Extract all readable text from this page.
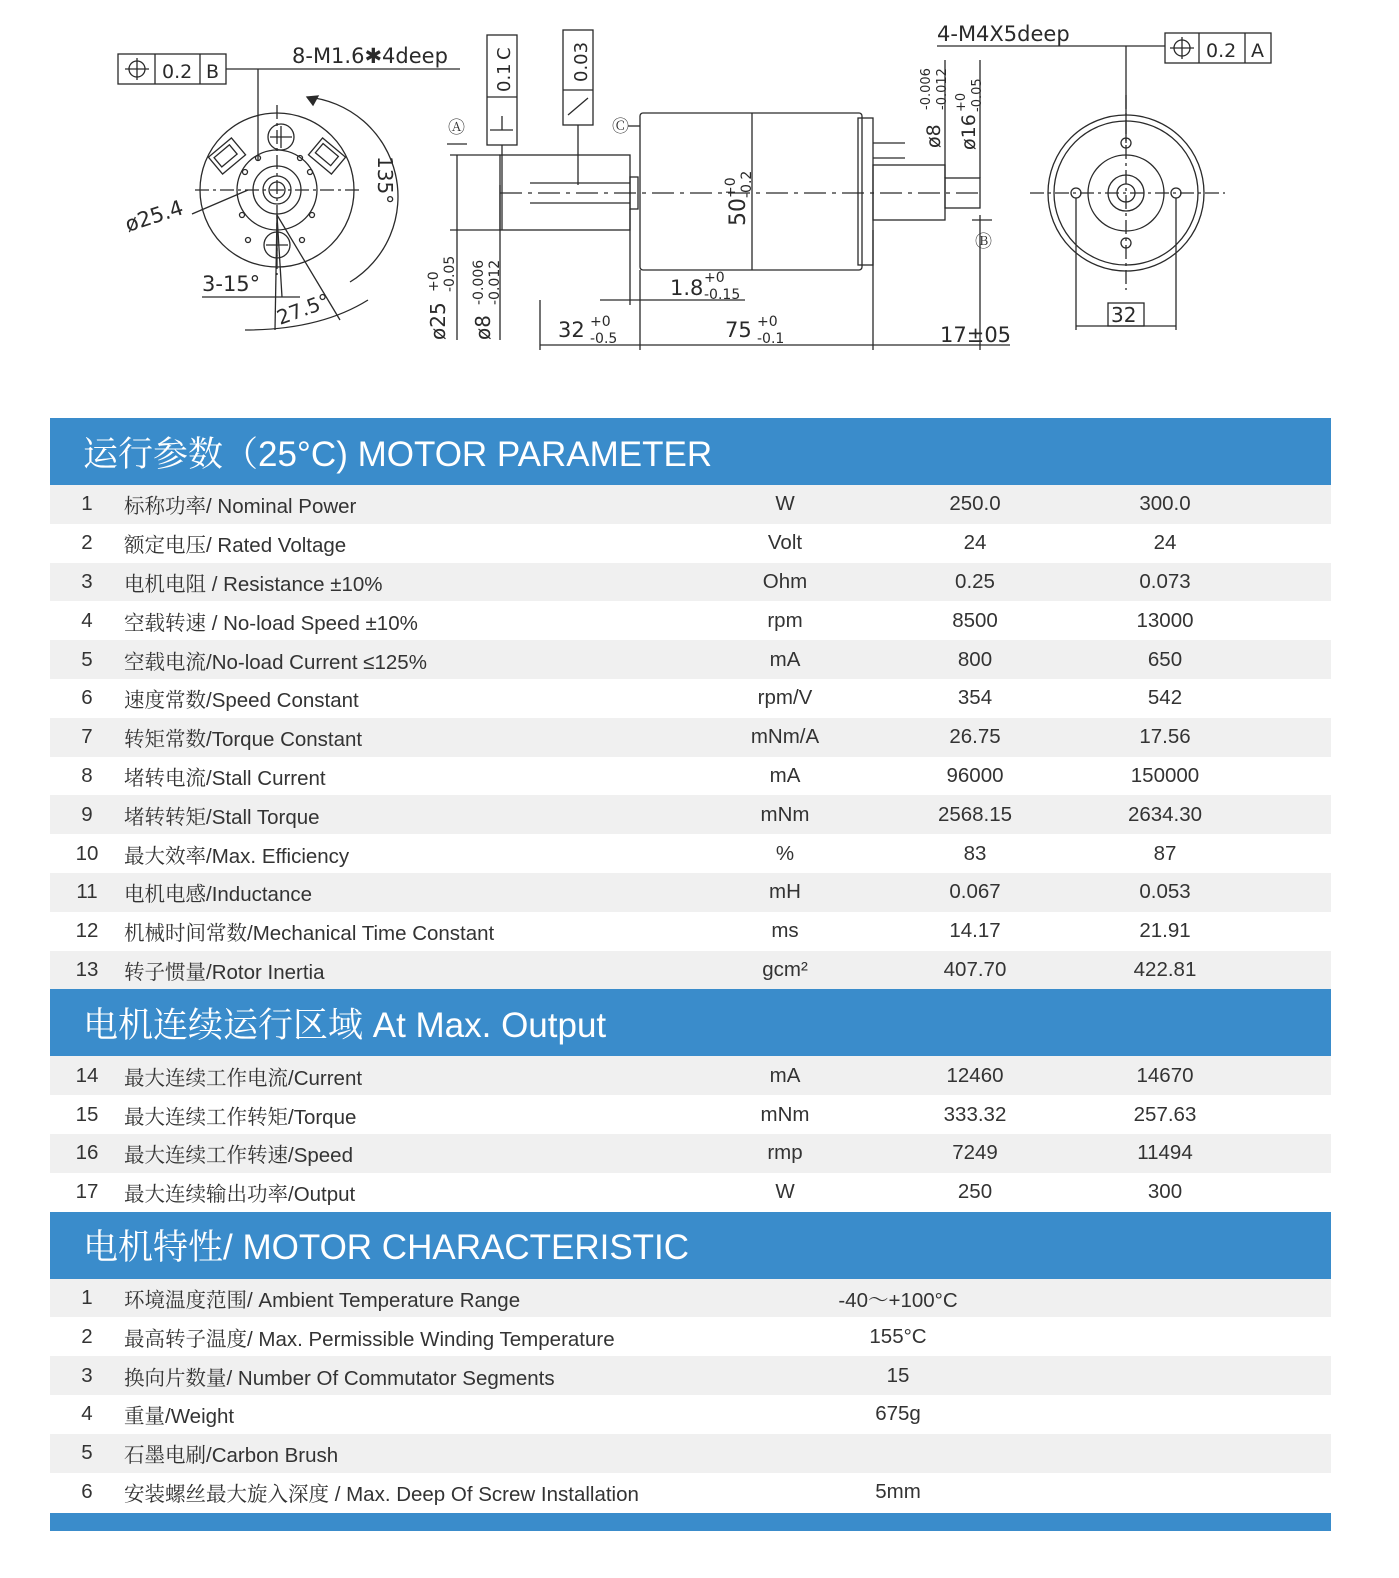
0.2 B
8-M1.6✱4deep
135°
ø25.4
3-15°
27.5°
0.1
C	0.03
Ⓐ	Ⓒ
ø25
+0 -0.05
ø8
-0.006 -0.012
50
+0 -0.2
1.8 +0
-0.15
32 +0
-0.5	75 +0
-0.1	17±05
ø8
-0.006 -0.012
ø16
+0 -0.05
Ⓑ
4-M4X5deep
0.2 A
32
运行参数（25°C) MOTOR PARAMETER
1	标称功率/ Nominal Power	W	250.0	300.0
2	额定电压/ Rated Voltage	Volt	24	24
3	电机电阻 / Resistance ±10%	Ohm	0.25	0.073
4	空载转速 / No-load Speed ±10%	rpm	8500	13000
5	空载电流/No-load Current ≤125%	mA	800	650
6	速度常数/Speed Constant	rpm/V	354	542
7	转矩常数/Torque Constant	mNm/A	26.75	17.56
8	堵转电流/Stall Current	mA	96000	150000
9	堵转转矩/Stall Torque	mNm	2568.15	2634.30
10	最大效率/Max. Efficiency	%	83	87
11	电机电感/Inductance	mH	0.067	0.053
12	机械时间常数/Mechanical Time Constant	ms	14.17	21.91
13	转子惯量/Rotor Inertia	gcm²	407.70	422.81
电机连续运行区域 At Max. Output
14	最大连续工作电流/Current	mA	12460	14670
15	最大连续工作转矩/Torque	mNm	333.32	257.63
16	最大连续工作转速/Speed	rmp	7249	11494
17	最大连续输出功率/Output	W	250	300
电机特性/ MOTOR CHARACTERISTIC
1	环境温度范围/ Ambient Temperature Range	-40～+100°C
2	最高转子温度/ Max. Permissible Winding Temperature	155°C
3	换向片数量/ Number Of Commutator Segments	15
4	重量/Weight	675g
5	石墨电刷/Carbon Brush
6	安装螺丝最大旋入深度 / Max. Deep Of Screw Installation	5mm
